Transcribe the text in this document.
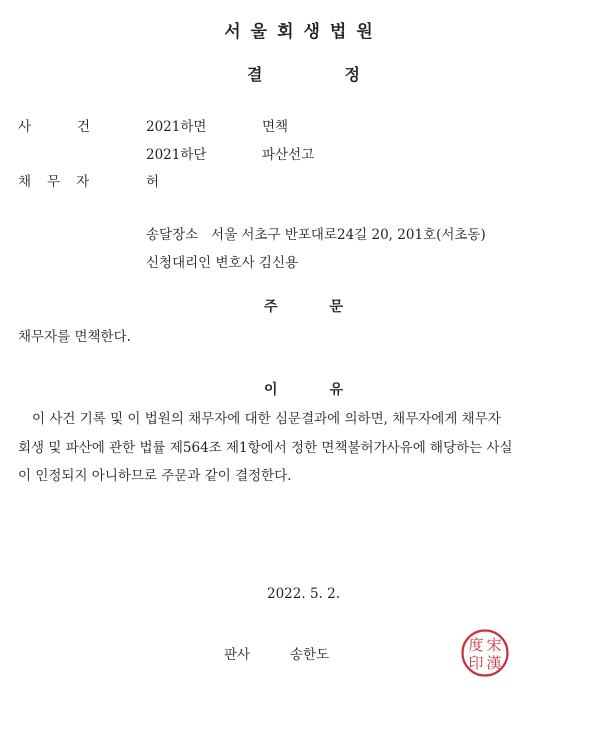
서울회생법원
결정
사건 2021하면	면책
2021하단	파산선고
채무자	허
송달장소   서울 서초구 반포대로24길 20, 201호(서초동)
신청대리인 변호사 김신용
주문
채무자를 면책한다.
이유
이 사건 기록 및 이 법원의 채무자에 대한 심문결과에 의하면, 채무자에게 채무자
회생 및 파산에 관한 법률 제564조 제1항에서 정한 면책불허가사유에 해당하는 사실
이 인정되지 아니하므로 주문과 같이 결정한다.
2022. 5. 2.
판사	송한도
宋
漢
度
印
